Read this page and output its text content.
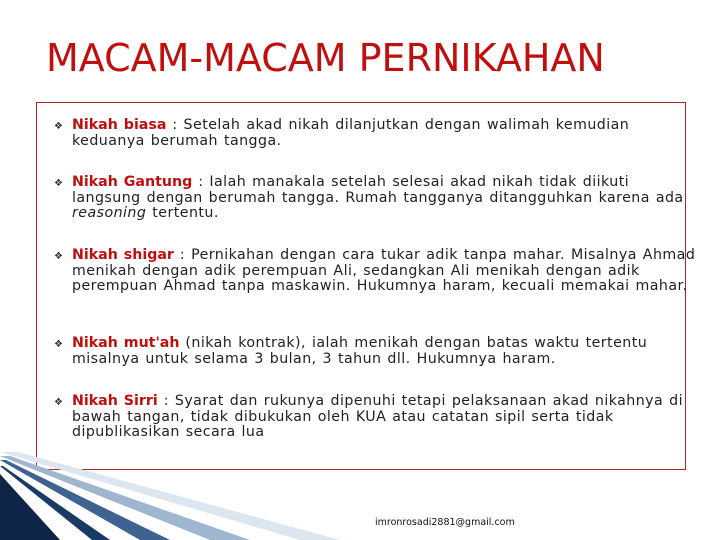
MACAM-MACAM PERNIKAHAN
❖ Nikah biasa : Setelah akad nikah dilanjutkan dengan walimah kemudian keduanya berumah tangga.
❖ Nikah Gantung : Ialah manakala setelah selesai akad nikah tidak diikuti langsung dengan berumah tangga. Rumah tangganya ditangguhkan karena ada reasoning tertentu.
❖ Nikah shigar : Pernikahan dengan cara tukar adik tanpa mahar. Misalnya Ahmad menikah dengan adik perempuan Ali, sedangkan Ali menikah dengan adik perempuan Ahmad tanpa maskawin. Hukumnya haram, kecuali memakai mahar.
❖ Nikah mut'ah (nikah kontrak), ialah menikah dengan batas waktu tertentu misalnya untuk selama 3 bulan, 3 tahun dll. Hukumnya haram.
❖ Nikah Sirri : Syarat dan rukunya dipenuhi tetapi pelaksanaan akad nikahnya di bawah tangan, tidak dibukukan oleh KUA atau catatan sipil serta tidak dipublikasikan secara lua
imronrosadi2881@gmail.com
